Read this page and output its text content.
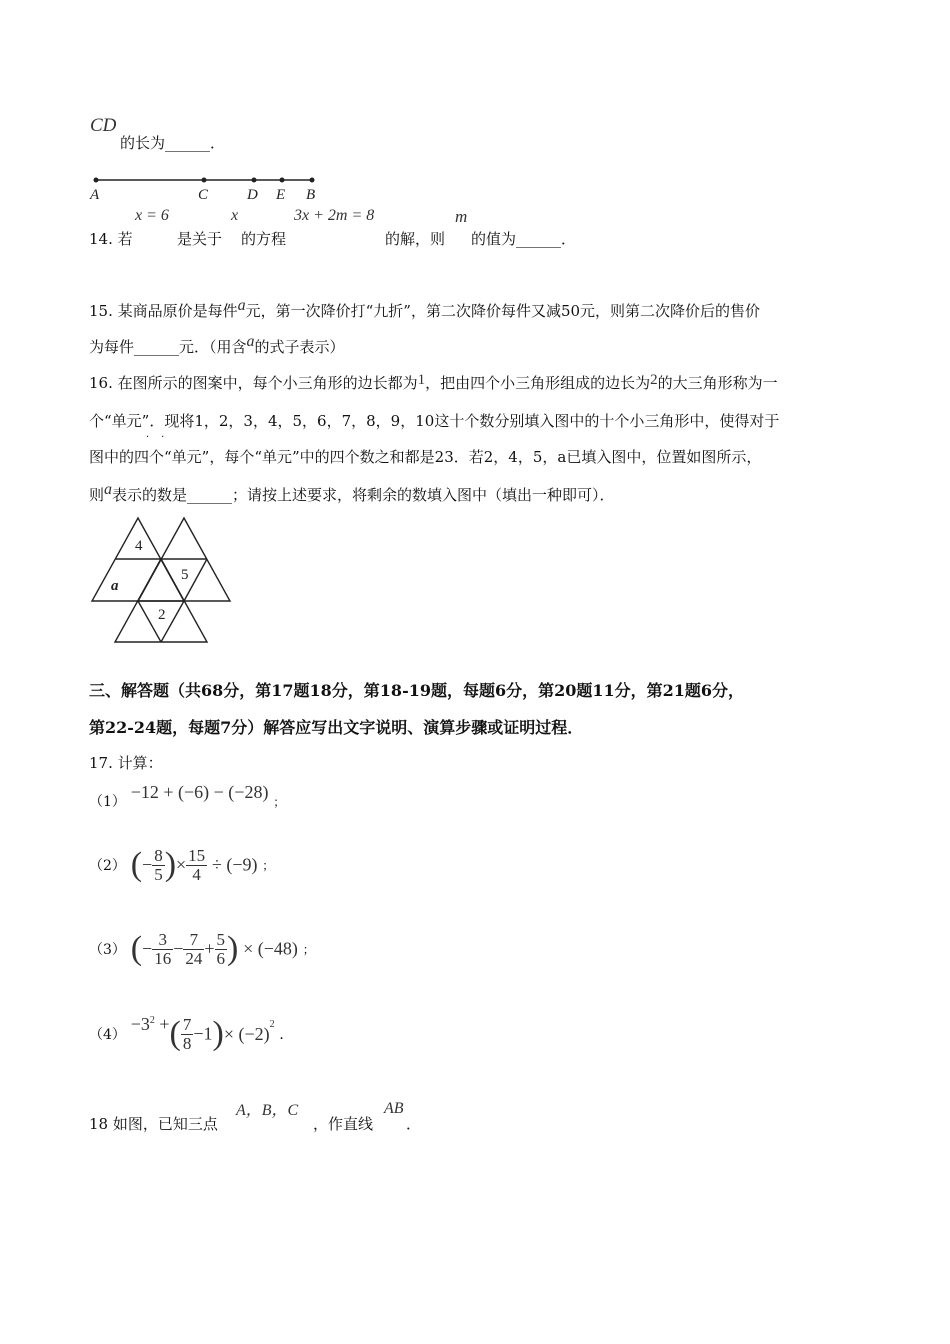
CD
的长为______．
A	C	D E B
14. 若
x = 6
是关于
x
的方程
3x + 2m = 8
的解，则
m
的值为______．
15. 某商品原价是每件a元，第一次降价打“九折”，第二次降价每件又减50元，则第二次降价后的售价
为每件______元．（用含a的式子表示）
16. 在图所示的图案中，每个小三角形的边长都为1，把由四个小三角形组成的边长为2的大三角形称为一
个“单元”．现将1，2，3，4，5，6，7，8，9，10这十个数分别填入图中的十个小三角形中，使得对于
··
图中的四个“单元”，每个“单元”中的四个数之和都是23．若2，4，5，a已填入图中，位置如图所示，
则a表示的数是______；请按上述要求，将剩余的数填入图中（填出一种即可）．
4
a
5
2
三、解答题（共68分，第17题18分，第18-19题，每题6分，第20题11分，第21题6分，
第22-24题，每题7分）解答应写出文字说明、演算步骤或证明过程．
17. 计算：
（1） −12 + (−6) − (−28) ；
（2） (− $\frac{8}{5}$ )× $\frac{15}{4} \div (-9)$ ；
（3） (− $\frac{3}{16} - \frac{7}{24} + \frac{5}{6}$ ) × (−48) ；
$(4) -3^2$ +( $\frac{7}{8} -1)\times (-2)^2$ ．
18 如图，已知三点
A，B，C
，作直线
AB
．
